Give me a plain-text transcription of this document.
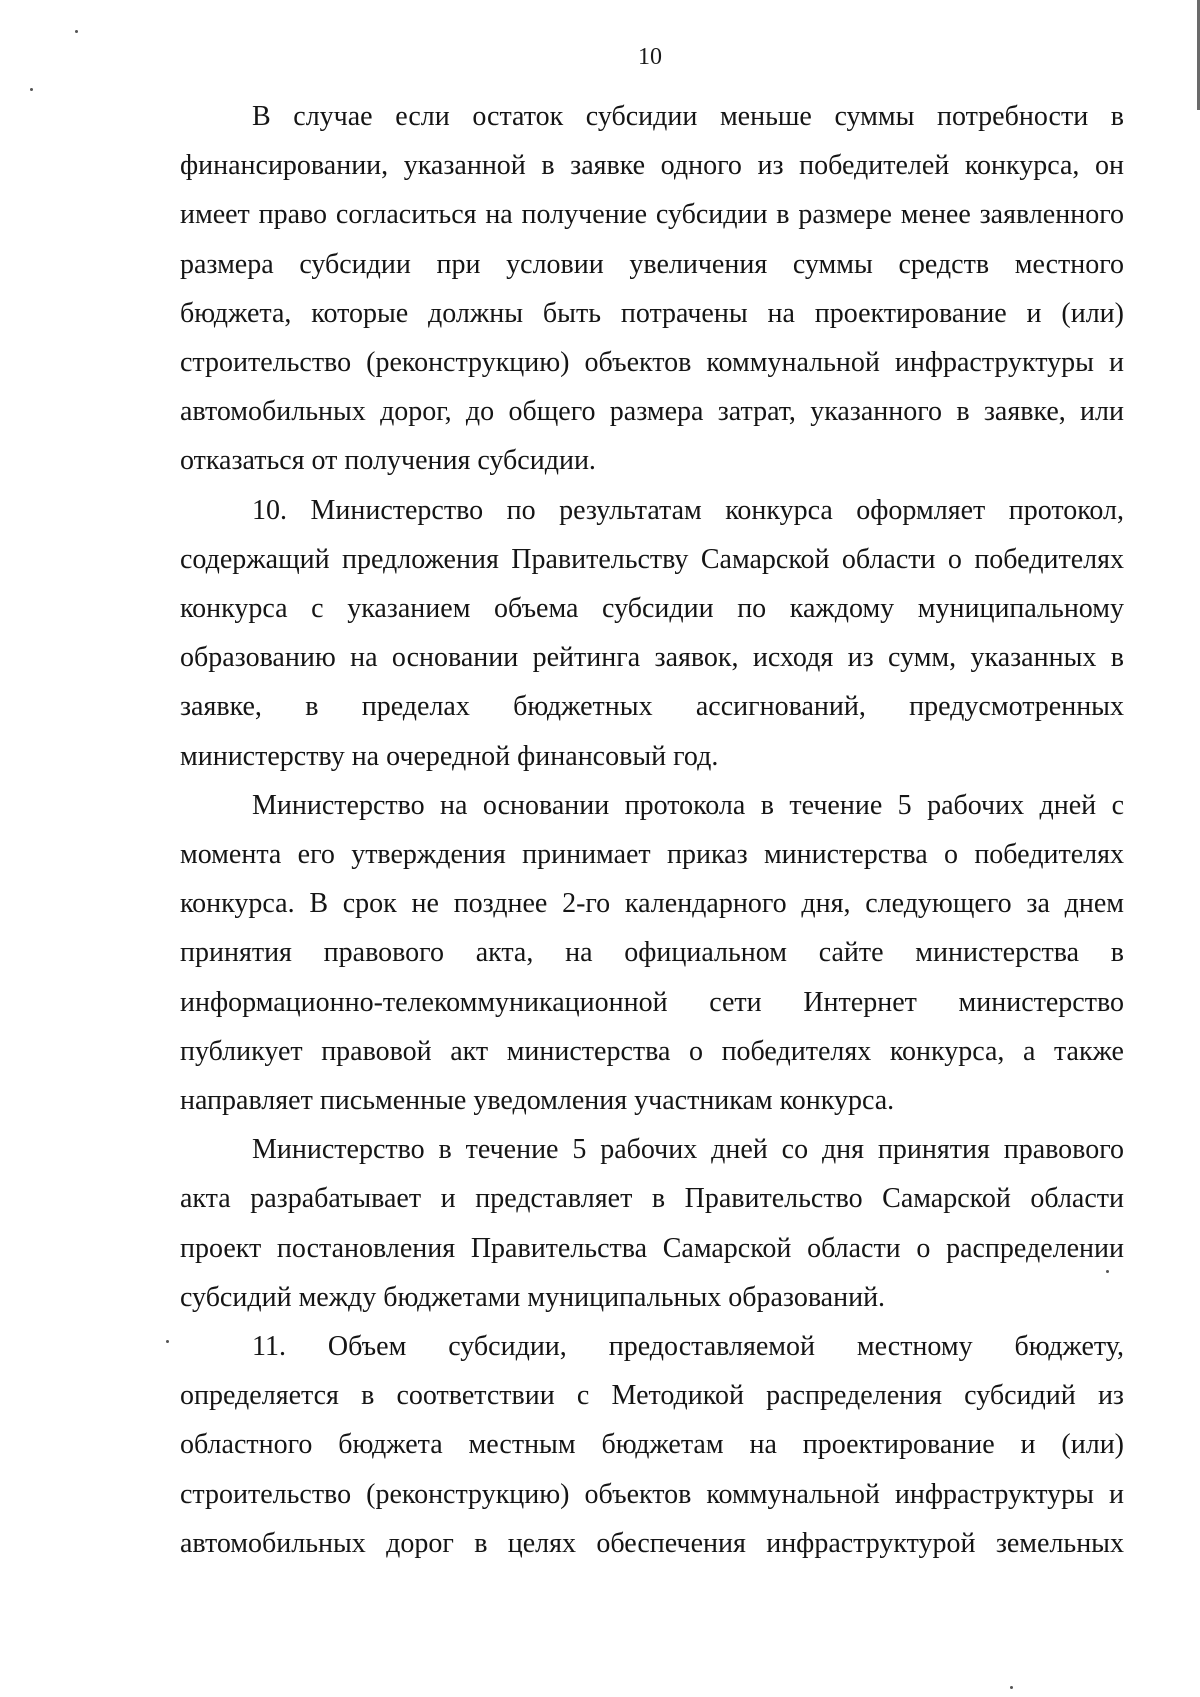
10

В случае если остаток субсидии меньше суммы потребности в
финансировании, указанной в заявке одного из победителей конкурса, он
имеет право согласиться на получение субсидии в размере менее заявленного
размера субсидии при условии увеличения суммы средств местного
бюджета, которые должны быть потрачены на проектирование и (или)
строительство (реконструкцию) объектов коммунальной инфраструктуры и
автомобильных дорог, до общего размера затрат, указанного в заявке, или
отказаться от получения субсидии.

10. Министерство по результатам конкурса оформляет протокол,
содержащий предложения Правительству Самарской области о победителях
конкурса с указанием объема субсидии по каждому муниципальному
образованию на основании рейтинга заявок, исходя из сумм, указанных в
заявке, в пределах бюджетных ассигнований, предусмотренных
министерству на очередной финансовый год.

Министерство на основании протокола в течение 5 рабочих дней с
момента его утверждения принимает приказ министерства о победителях
конкурса. В срок не позднее 2-го календарного дня, следующего за днем
принятия правового акта, на официальном сайте министерства в
информационно-телекоммуникационной сети Интернет министерство
публикует правовой акт министерства о победителях конкурса, а также
направляет письменные уведомления участникам конкурса.

Министерство в течение 5 рабочих дней со дня принятия правового
акта разрабатывает и представляет в Правительство Самарской области
проект постановления Правительства Самарской области о распределении
субсидий между бюджетами муниципальных образований.

11. Объем субсидии, предоставляемой местному бюджету,
определяется в соответствии с Методикой распределения субсидий из
областного бюджета местным бюджетам на проектирование и (или)
строительство (реконструкцию) объектов коммунальной инфраструктуры и
автомобильных дорог в целях обеспечения инфраструктурой земельных
